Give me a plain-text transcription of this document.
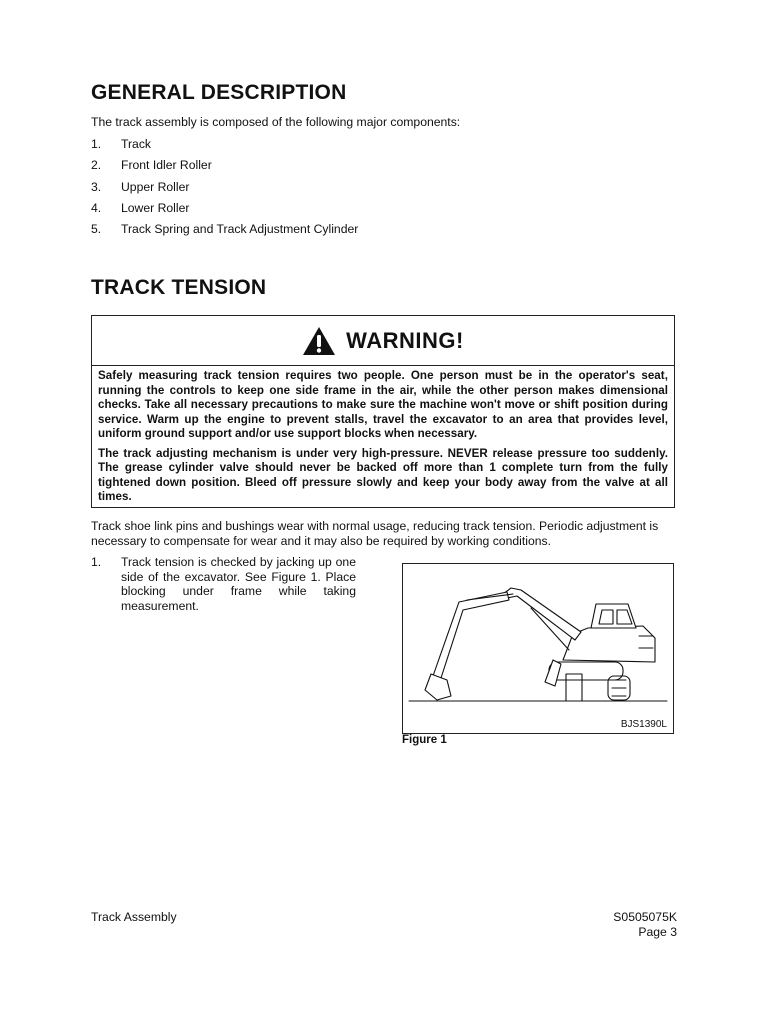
GENERAL DESCRIPTION
The track assembly is composed of the following major components:
1.	Track
2.	Front Idler Roller
3.	Upper Roller
4.	Lower Roller
5.	Track Spring and Track Adjustment Cylinder
TRACK TENSION
WARNING!

Safely measuring track tension requires two people. One person must be in the operator's seat, running the controls to keep one side frame in the air, while the other person makes dimensional checks. Take all necessary precautions to make sure the machine won't move or shift position during service. Warm up the engine to prevent stalls, travel the excavator to an area that provides level, uniform ground support and/or use support blocks when necessary.

The track adjusting mechanism is under very high-pressure. NEVER release pressure too suddenly. The grease cylinder valve should never be backed off more than 1 complete turn from the fully tightened down position. Bleed off pressure slowly and keep your body away from the valve at all times.

Track shoe link pins and bushings wear with normal usage, reducing track tension. Periodic adjustment is necessary to compensate for wear and it may also be required by working conditions.
1. Track tension is checked by jacking up one side of the excavator. See Figure 1. Place blocking under frame while taking measurement.
BJS1390L
Figure 1
Track Assembly	S0505075K
Page 3
